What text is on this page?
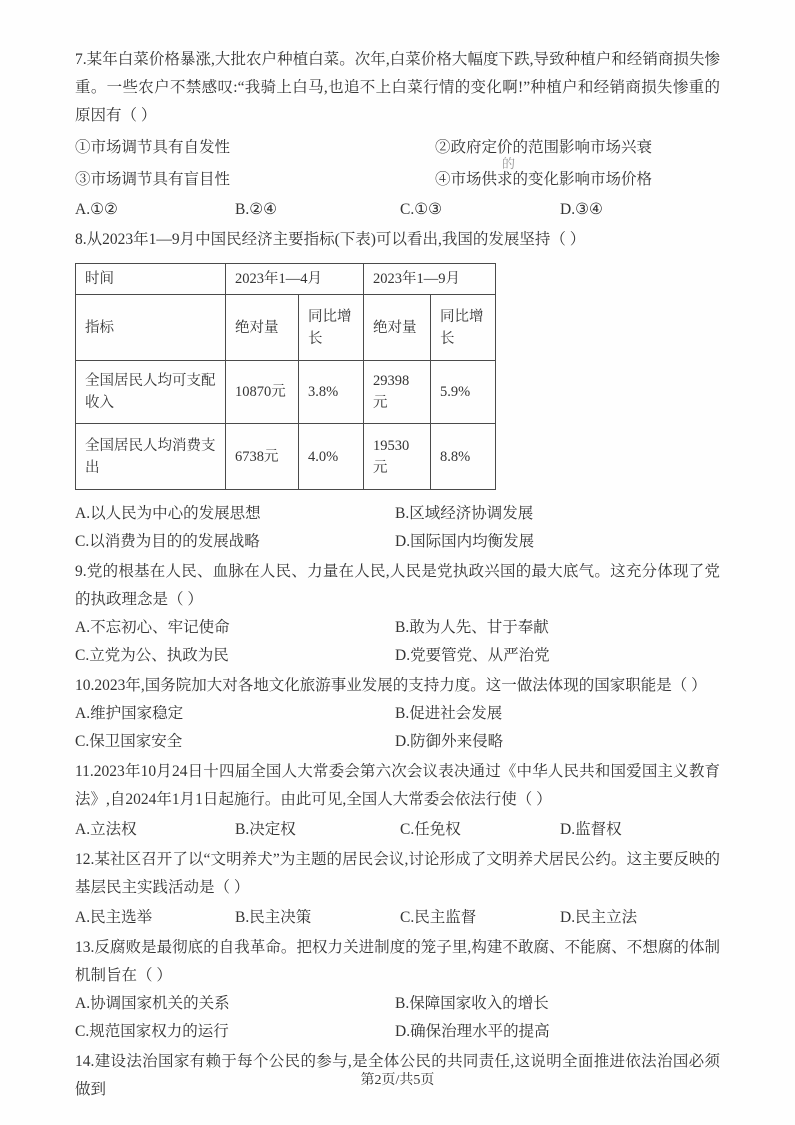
7.某年白菜价格暴涨,大批农户种植白菜。次年,白菜价格大幅度下跌,导致种植户和经销商损失惨重。一些农户不禁感叹:“我骑上白马,也追不上白菜行情的变化啊!”种植户和经销商损失惨重的原因有（ ）

①市场调节具有自发性	②政府定价的范围影响市场兴衰
③市场调节具有盲目性	④市场供求的变化影响市场价格
A.①②	B.②④	C.①③	D.③④
的

8.从2023年1—9月中国民经济主要指标(下表)可以看出,我国的发展坚持（ ）

时间	2023年1—4月		2023年1—9月	
指标	绝对量	同比增长	绝对量	同比增长
全国居民人均可支配收入	10870元	3.8%	29398元	5.9%
全国居民人均消费支出	6738元	4.0%	19530元	8.8%
A.以人民为中心的发展思想	B.区域经济协调发展
C.以消费为目的的发展战略	D.国际国内均衡发展

9.党的根基在人民、血脉在人民、力量在人民,人民是党执政兴国的最大底气。这充分体现了党的执政理念是（ ）

A.不忘初心、牢记使命	B.敢为人先、甘于奉献
C.立党为公、执政为民	D.党要管党、从严治党

10.2023年,国务院加大对各地文化旅游事业发展的支持力度。这一做法体现的国家职能是（ ）

A.维护国家稳定	B.促进社会发展
C.保卫国家安全	D.防御外来侵略

11.2023年10月24日十四届全国人大常委会第六次会议表决通过《中华人民共和国爱国主义教育法》,自2024年1月1日起施行。由此可见,全国人大常委会依法行使（ ）

A.立法权	B.决定权	C.任免权	D.监督权

12.某社区召开了以“文明养犬”为主题的居民会议,讨论形成了文明养犬居民公约。这主要反映的基层民主实践活动是（ ）

A.民主选举	B.民主决策	C.民主监督	D.民主立法

13.反腐败是最彻底的自我革命。把权力关进制度的笼子里,构建不敢腐、不能腐、不想腐的体制机制旨在（ ）

A.协调国家机关的关系	B.保障国家收入的增长
C.规范国家权力的运行	D.确保治理水平的提高

14.建设法治国家有赖于每个公民的参与,是全体公民的共同责任,这说明全面推进依法治国必须做到

第2页/共5页
